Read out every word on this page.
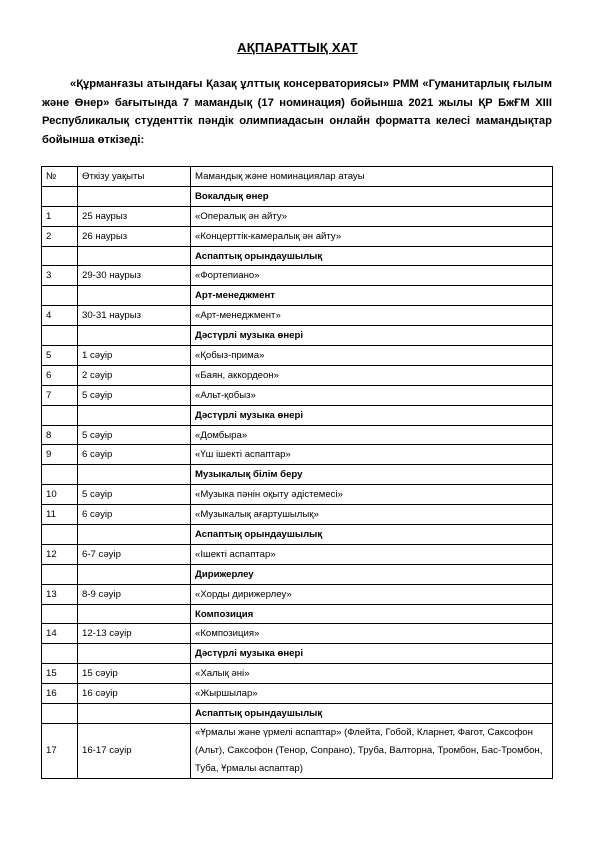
АҚПАРАТТЫҚ ХАТ
«Құрманғазы атындағы Қазақ ұлттық консерваториясы» РММ «Гуманитарлық ғылым және Өнер» бағытында 7 мамандық (17 номинация) бойынша 2021 жылы ҚР БжҒМ XIII Республикалық студенттік пәндік олимпиадасын онлайн форматта келесі мамандықтар бойынша өткізеді:
№	Өткізу уақыты	Мамандық және номинациялар атауы
		Вокалдық өнер
1	25 наурыз	«Опералық ән айту»
2	26 наурыз	«Концерттік-камералық ән айту»
		Аспаптық орындаушылық
3	29-30 наурыз	«Фортепиано»
		Арт-менеджмент
4	30-31 наурыз	«Арт-менеджмент»
		Дәстүрлі музыка өнері
5	1 сәуір	«Қобыз-прима»
6	2 сәуір	«Баян, аккордеон»
7	5 сәуір	«Альт-қобыз»
		Дәстүрлі музыка өнері
8	5 сәуір	«Домбыра»
9	6 сәуір	«Үш ішекті аспаптар»
		Музыкалық білім беру
10	5 сәуір	«Музыка пәнін оқыту әдістемесі»
11	6 сәуір	«Музыкалық ағартушылық»
		Аспаптық орындаушылық
12	6-7 сәуір	«Ішекті аспаптар»
		Дирижерлеу
13	8-9 сәуір	«Хорды дирижерлеу»
		Композиция
14	12-13 сәуір	«Композиция»
		Дәстүрлі музыка өнері
15	15 сәуір	«Халық әні»
16	16 сәуір	«Жыршылар»
		Аспаптық орындаушылық
17	16-17 сәуір	«Ұрмалы және үрмелі аспаптар» (Флейта, Гобой, Кларнет, Фагот, Саксофон (Альт), Саксофон (Тенор, Сопрано), Труба, Валторна, Тромбон, Бас-Тромбон, Туба, Ұрмалы аспаптар)
